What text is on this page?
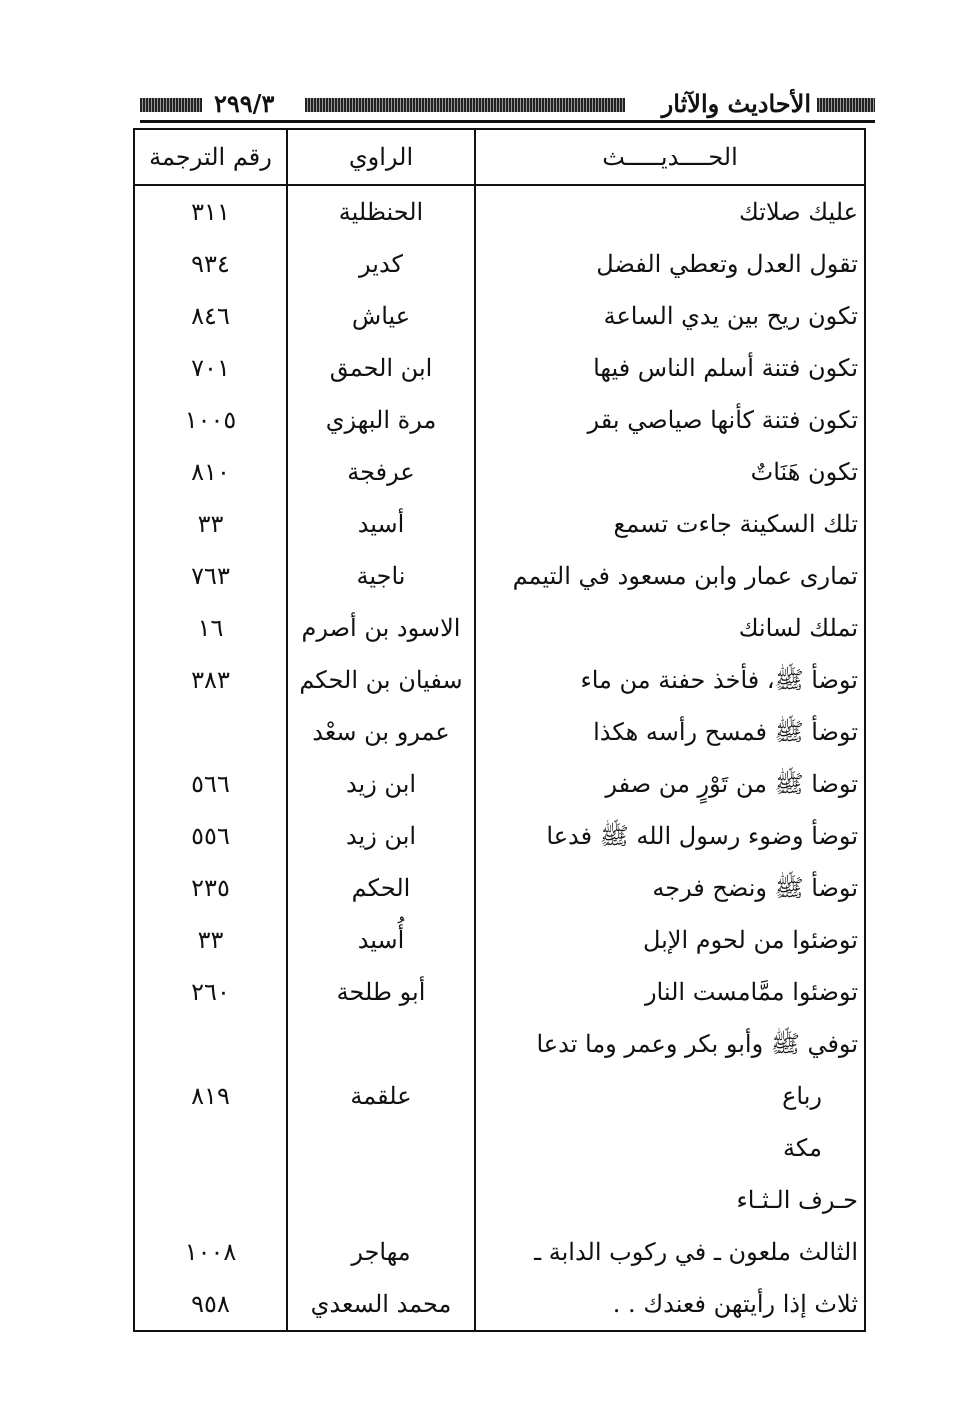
الأحاديث والآثار
٢٩٩/٣
الحــــديـــــث	الراوي	رقم الترجمة

عليك صلاتك	الحنظلية	٣١١

تقول العدل وتعطي الفضل	كدير	٩٣٤

تكون ريح بين يدي الساعة	عياش	٨٤٦

تكون فتنة أسلم الناس فيها	ابن الحمق	٧٠١

تكون فتنة كأنها صياصي بقر	مرة البهزي	١٠٠٥

تكون هَنَاتٌ	عرفجة	٨١٠

تلك السكينة جاءت تسمع	أسيد	٣٣

تمارى عمار وابن مسعود في التيمم	ناجية	٧٦٣

تملك لسانك	الاسود بن أصرم	١٦

توضأ ﷺ، فأخذ حفنة من ماء	سفيان بن الحكم	٣٨٣

توضأ ﷺ فمسح رأسه هكذا	عمرو بن سعْد	

توضا ﷺ من تَوْرٍ من صفر	ابن زيد	٥٦٦

توضأ وضوء رسول الله ﷺ فدعا	ابن زيد	٥٥٦

توضأ ﷺ ونضح فرجه	الحكم	٢٣٥

توضئوا من لحوم الإبل	أُسيد	٣٣

توضئوا ممَّامست النار	أبو طلحة	٢٦٠

توفي ﷺ وأبو بكر وعمر وما تدعا
رباع
مكة	علقمة	٨١٩
حـرف الـثـاء		

الثالث ملعون ـ في ركوب الدابة ـ	مهاجر	١٠٠٨

ثلاث إذا رأيتهن فعندك . .	محمد السعدي	٩٥٨
